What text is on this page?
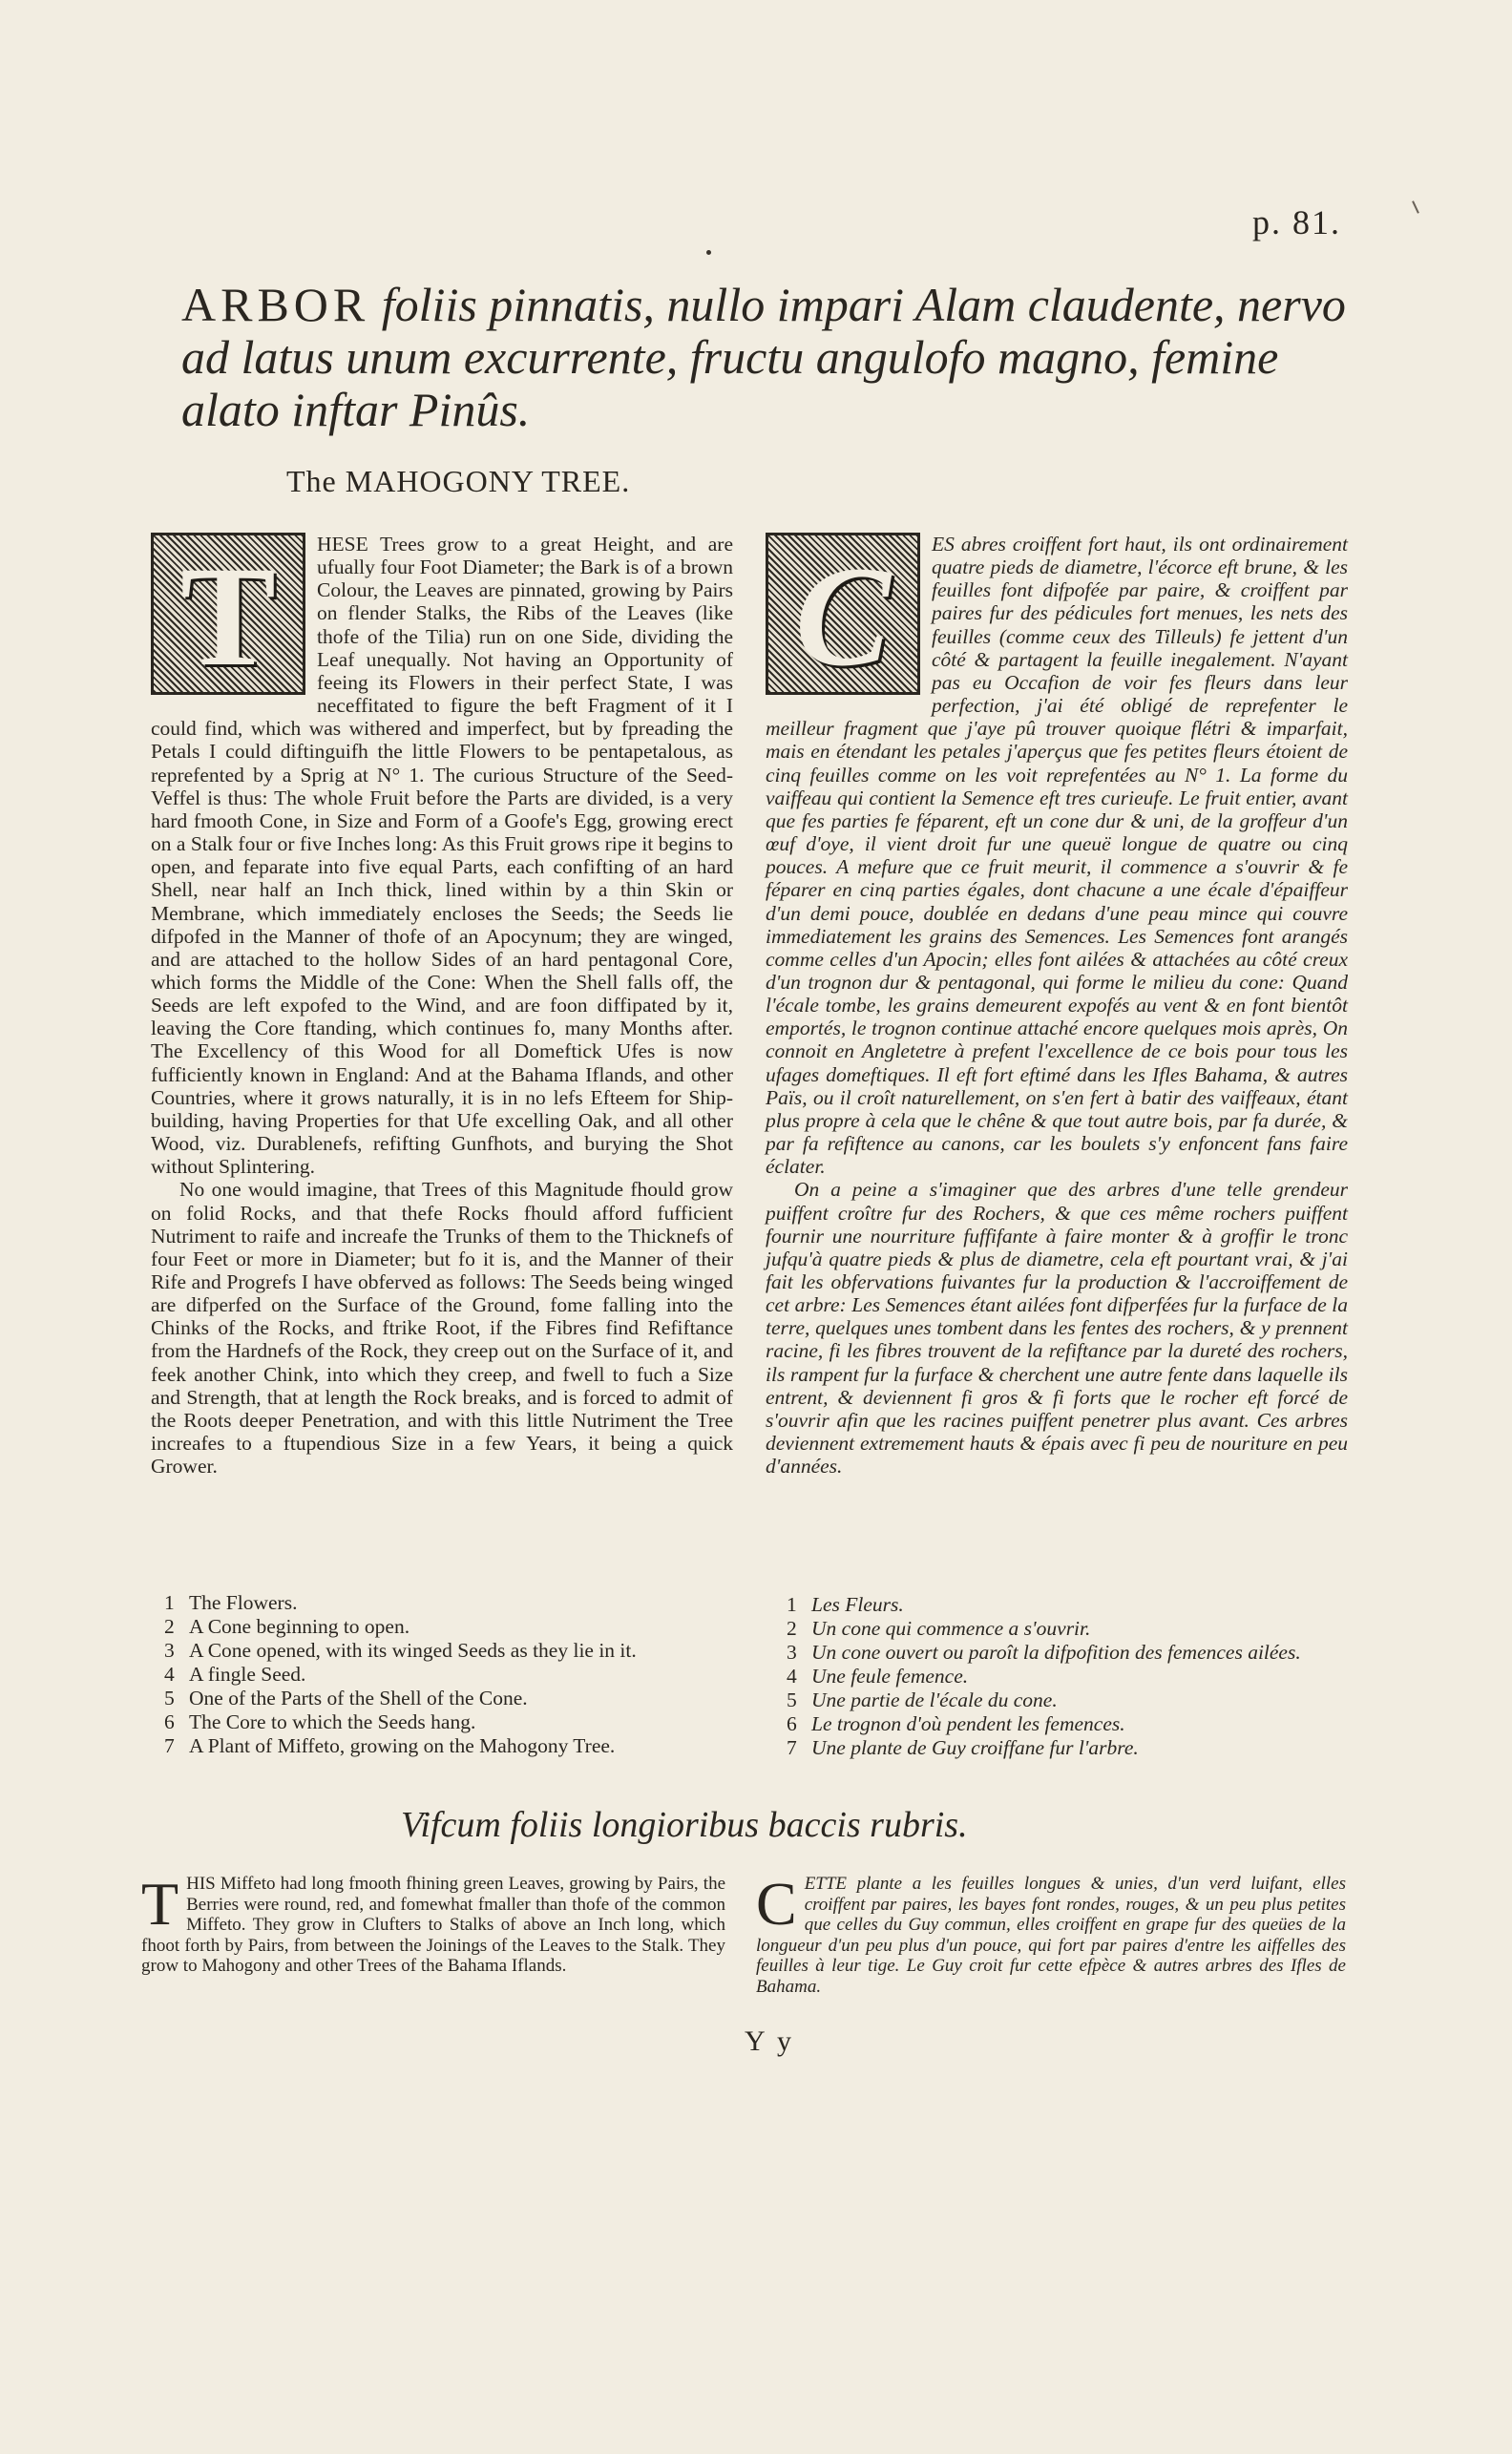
p. 81.
ARBOR foliis pinnatis, nullo impari Alam claudente, nervo ad latus unum excurrente, fructu angulofo magno, femine alato inftar Pinûs.
The MAHOGONY TREE.
T	HESE Trees grow to a great Height, and are ufually four Foot Diameter; the Bark is of a brown Colour, the Leaves are pinnated, growing by Pairs on flender Stalks, the Ribs of the Leaves (like thofe of the Tilia) run on one Side, dividing the Leaf unequally. Not having an Opportunity of feeing its Flowers in their perfect State, I was neceffitated to figure the beft Fragment of it I could find, which was withered and imperfect, but by fpreading the Petals I could diftinguifh the little Flowers to be pentapetalous, as reprefented by a Sprig at N° 1. The curious Structure of the Seed-Veffel is thus: The whole Fruit before the Parts are divided, is a very hard fmooth Cone, in Size and Form of a Goofe's Egg, growing erect on a Stalk four or five Inches long: As this Fruit grows ripe it begins to open, and feparate into five equal Parts, each confifting of an hard Shell, near half an Inch thick, lined within by a thin Skin or Membrane, which immediately encloses the Seeds; the Seeds lie difpofed in the Manner of thofe of an Apocynum; they are winged, and are attached to the hollow Sides of an hard pentagonal Core, which forms the Middle of the Cone: When the Shell falls off, the Seeds are left expofed to the Wind, and are foon diffipated by it, leaving the Core ftanding, which continues fo, many Months after. The Excellency of this Wood for all Domeftick Ufes is now fufficiently known in England: And at the Bahama Iflands, and other Countries, where it grows naturally, it is in no lefs Efteem for Ship-building, having Properties for that Ufe excelling Oak, and all other Wood, viz. Durablenefs, refifting Gunfhots, and burying the Shot without Splintering.

No one would imagine, that Trees of this Magnitude fhould grow on folid Rocks, and that thefe Rocks fhould afford fufficient Nutriment to raife and increafe the Trunks of them to the Thicknefs of four Feet or more in Diameter; but fo it is, and the Manner of their Rife and Progrefs I have obferved as follows: The Seeds being winged are difperfed on the Surface of the Ground, fome falling into the Chinks of the Rocks, and ftrike Root, if the Fibres find Refiftance from the Hardnefs of the Rock, they creep out on the Surface of it, and feek another Chink, into which they creep, and fwell to fuch a Size and Strength, that at length the Rock breaks, and is forced to admit of the Roots deeper Penetration, and with this little Nutriment the Tree increafes to a ftupendious Size in a few Years, it being a quick Grower.

C	ES abres croiffent fort haut, ils ont ordinairement quatre pieds de diametre, l'écorce eft brune, & les feuilles font difpofée par paire, & croiffent par paires fur des pédicules fort menues, les nets des feuilles (comme ceux des Tilleuls) fe jettent d'un côté & partagent la feuille inegalement. N'ayant pas eu Occafion de voir fes fleurs dans leur perfection, j'ai été obligé de reprefenter le meilleur fragment que j'aye pû trouver quoique flétri & imparfait, mais en étendant les petales j'aperçus que fes petites fleurs étoient de cinq feuilles comme on les voit reprefentées au N° 1. La forme du vaiffeau qui contient la Semence eft tres curieufe. Le fruit entier, avant que fes parties fe féparent, eft un cone dur & uni, de la groffeur d'un œuf d'oye, il vient droit fur une queuë longue de quatre ou cinq pouces. A mefure que ce fruit meurit, il commence a s'ouvrir & fe féparer en cinq parties égales, dont chacune a une écale d'épaiffeur d'un demi pouce, doublée en dedans d'une peau mince qui couvre immediatement les grains des Semences. Les Semences font arangés comme celles d'un Apocin; elles font ailées & attachées au côté creux d'un trognon dur & pentagonal, qui forme le milieu du cone: Quand l'écale tombe, les grains demeurent expofés au vent & en font bientôt emportés, le trognon continue attaché encore quelques mois après, On connoit en Angletetre à prefent l'excellence de ce bois pour tous les ufages domeftiques. Il eft fort eftimé dans les Ifles Bahama, & autres Païs, ou il croît naturellement, on s'en fert à batir des vaiffeaux, étant plus propre à cela que le chêne & que tout autre bois, par fa durée, & par fa refiftence au canons, car les boulets s'y enfoncent fans faire éclater.

On a peine a s'imaginer que des arbres d'une telle grendeur puiffent croître fur des Rochers, & que ces même rochers puiffent fournir une nourriture fuffifante à faire monter & à groffir le tronc jufqu'à quatre pieds & plus de diametre, cela eft pourtant vrai, & j'ai fait les obfervations fuivantes fur la production & l'accroiffement de cet arbre: Les Semences étant ailées font difperfées fur la furface de la terre, quelques unes tombent dans les fentes des rochers, & y prennent racine, fi les fibres trouvent de la refiftance par la dureté des rochers, ils rampent fur la furface & cherchent une autre fente dans laquelle ils entrent, & deviennent fi gros & fi forts que le rocher eft forcé de s'ouvrir afin que les racines puiffent penetrer plus avant. Ces arbres deviennent extremement hauts & épais avec fi peu de nouriture en peu d'années.

1 The Flowers.
2 A Cone beginning to open.
3 A Cone opened, with its winged Seeds as they lie in it.
4 A fingle Seed.
5 One of the Parts of the Shell of the Cone.
6 The Core to which the Seeds hang.
7 A Plant of Miffeto, growing on the Mahogony Tree.
1 Les Fleurs.
2 Un cone qui commence a s'ouvrir.
3 Un cone ouvert ou paroît la difpofition des femences ailées.
4 Une feule femence.
5 Une partie de l'écale du cone.
6 Le trognon d'où pendent les femences.
7 Une plante de Guy croiffane fur l'arbre.
Vifcum foliis longioribus baccis rubris.
THIS Miffeto had long fmooth fhining green Leaves, growing by Pairs, the Berries were round, red, and fomewhat fmaller than thofe of the common Miffeto. They grow in Clufters to Stalks of above an Inch long, which fhoot forth by Pairs, from between the Joinings of the Leaves to the Stalk. They grow to Mahogony and other Trees of the Bahama Iflands.
CETTE plante a les feuilles longues & unies, d'un verd luifant, elles croiffent par paires, les bayes font rondes, rouges, & un peu plus petites que celles du Guy commun, elles croiffent en grape fur des queües de la longueur d'un peu plus d'un pouce, qui fort par paires d'entre les aiffelles des feuilles à leur tige. Le Guy croit fur cette efpèce & autres arbres des Ifles de Bahama.
Y y
